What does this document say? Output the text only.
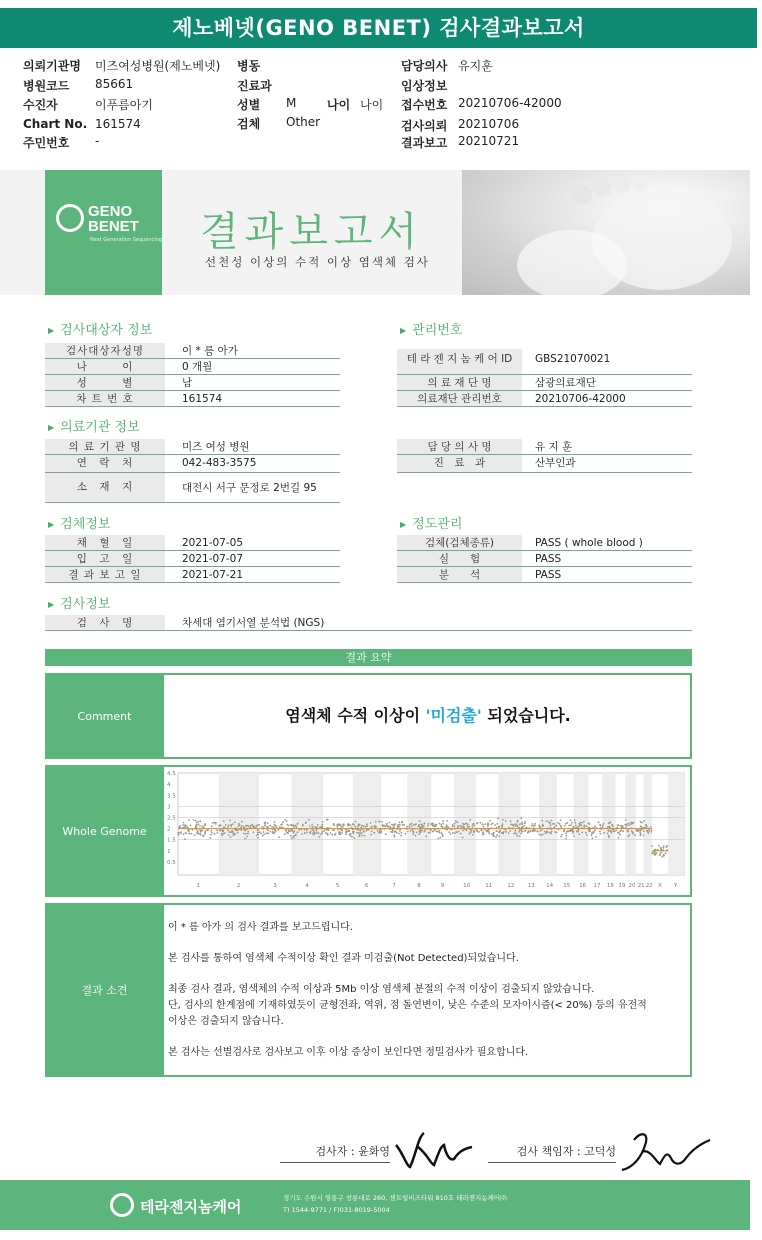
제노베넷(GENO BENET) 검사결과보고서
의뢰기관명 미즈여성병원(제노베넷)
병원코드 85661
수진자	이푸름아기
Chart No. 161574
주민번호 -
병동
진료과
성별 M	나이 나이
검체 Other
담당의사 유지훈
임상정보
접수번호 20210706-42000
검사의뢰 20210706
결과보고 20210721
GENO
BENET
Next Generation Sequencing 결과보고서
선천성 이상의 수적 이상 염색체 검사
▶ 검사대상자 정보
검사대상자성명	이 * 름 아가
나　　　이	0 개월
성　　　별	남
차 트 번 호	161574
▶ 관리번호
테 라 젠 지 놈 케 어 ID	GBS21070021
의 료 재 단 명	삼광의료재단
의료재단 관리번호	20210706-42000
▶ 의료기관 정보
의 료 기 관 명	미즈 여성 병원
연　락　처	042-483-3575
소　재　지	대전시 서구 문정로 2번길 95
담 당 의 사 명	유 지 훈
진　료　과	산부인과
▶ 검체정보
채　혈　일	2021-07-05
입　고　일	2021-07-07
결 과 보 고 일	2021-07-21
▶ 정도관리
검체(검체종류)	PASS ( whole blood )
실　　험	PASS
분　　석	PASS
▶ 검사정보
검　사　명	차세대 염기서열 분석법 (NGS)
결과 요약
Comment	염색체 수적 이상이 '미검출' 되었습니다.
Whole Genome
4.5
4
3.5
3
2.5
2
1.5
1
0.5
1	2	3	4	5	6	7	8	9	10	11	12 13 14 15 16 17 18 19 20 21 22 X Y
결과 소견
이 * 름 아가 의 검사 결과를 보고드립니다.
본 검사를 통하여 염색체 수적이상 확인 결과 미검출(Not Detected)되었습니다.
최종 검사 결과, 염색체의 수적 이상과 5Mb 이상 염색체 분절의 수적 이상이 검출되지 않았습니다.
단, 검사의 한계점에 기재하였듯이 균형전좌, 역위, 점 돌연변이, 낮은 수준의 모자이시즘(< 20%) 등의 유전적
이상은 검출되지 않습니다.
본 검사는 선별검사로 검사보고 이후 이상 증상이 보인다면 정밀검사가 필요합니다.
검사자 : 윤화영	검사 책임자 : 고덕성
테라젠지놈케어	경기도 수원시 영통구 창룡대로 260, 센트럴비즈타워 810호 테라젠지놈케어㈜
T) 1544-9771 / F)031-8019-5004
